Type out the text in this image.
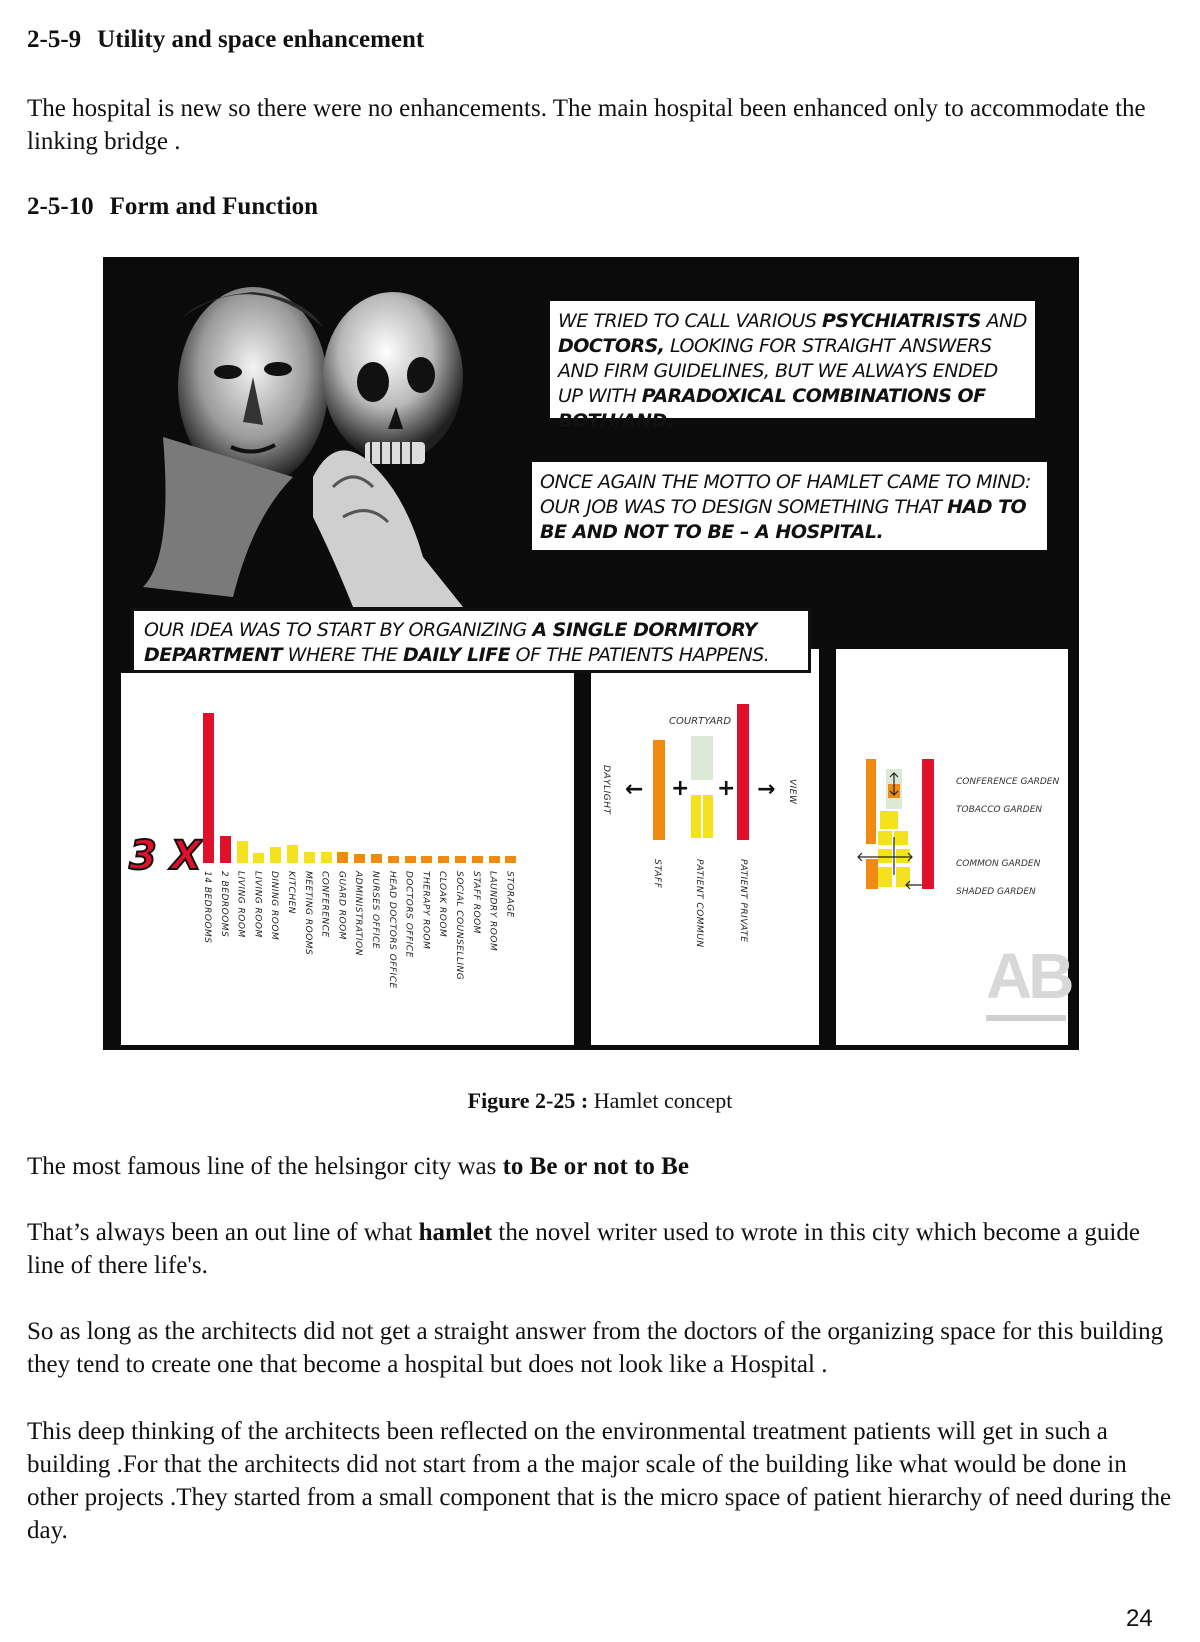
2-5-9 Utility and space enhancement
The hospital is new so there were no enhancements. The main hospital been enhanced only to accommodate the linking bridge .
2-5-10 Form and Function
WE TRIED TO CALL VARIOUS PSYCHIATRISTS AND DOCTORS, LOOKING FOR STRAIGHT ANSWERS AND FIRM GUIDELINES, BUT WE ALWAYS ENDED UP WITH PARADOXICAL COMBINATIONS OF BOTH/AND.
ONCE AGAIN THE MOTTO OF HAMLET CAME TO MIND: OUR JOB WAS TO DESIGN SOMETHING THAT HAD TO BE AND NOT TO BE – A HOSPITAL.
OUR IDEA WAS TO START BY ORGANIZING A SINGLE DORMITORY DEPARTMENT WHERE THE DAILY LIFE OF THE PATIENTS HAPPENS.
3 X
14 BEDROOMS 2 BEDROOMS LIVING ROOM LIVING ROOM DINING ROOM KITCHEN MEETING ROOMS CONFERENCE GUARD ROOM ADMINISTRATION NURSES OFFICE HEAD DOCTORS OFFICE DOCTORS OFFICE THERAPY ROOM CLOAK ROOM SOCIAL COUNSELLING STAFF ROOM LAUNDRY ROOM STORAGE
COURTYARD
← + + →
DAYLIGHT	VIEW
STAFF	PATIENT COMMUN	PATIENT PRIVATE
CONFERENCE GARDEN
TOBACCO GARDEN
COMMON GARDEN
SHADED GARDEN
AB
Figure 2-25 : Hamlet concept
The most famous line of the helsingor city was to Be or not to Be
That’s always been an out line of what hamlet the novel writer used to wrote in this city which become a guide line of there life's.
So as long as the architects did not get a straight answer from the doctors of the organizing space for this building they tend to create one that become a hospital but does not look like a Hospital .
This deep thinking of the architects been reflected on the environmental treatment patients will get in such a building .For that the architects did not start from a the major scale of the building like what would be done in other projects .They started from a small component that is the micro space of patient hierarchy of need during the day.
24
